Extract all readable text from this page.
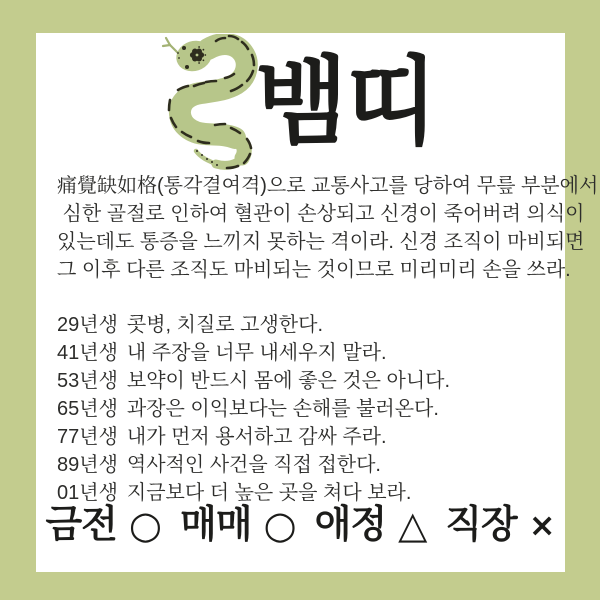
뱀띠
痛覺缺如格(통각결여격)으로 교통사고를 당하여 무릎 부분에서
심한 골절로 인하여 혈관이 손상되고 신경이 죽어버려 의식이
있는데도 통증을 느끼지 못하는 격이라. 신경 조직이 마비되면
그 이후 다른 조직도 마비되는 것이므로 미리미리 손을 쓰라.
29년생 콧병, 치질로 고생한다.
41년생 내 주장을 너무 내세우지 말라.
53년생 보약이 반드시 몸에 좋은 것은 아니다.
65년생 과장은 이익보다는 손해를 불러온다.
77년생 내가 먼저 용서하고 감싸 주라.
89년생 역사적인 사건을 직접 접한다.
01년생 지금보다 더 높은 곳을 쳐다 보라.
금전 ○ 매매 ○ 애정 △ 직장 ×
